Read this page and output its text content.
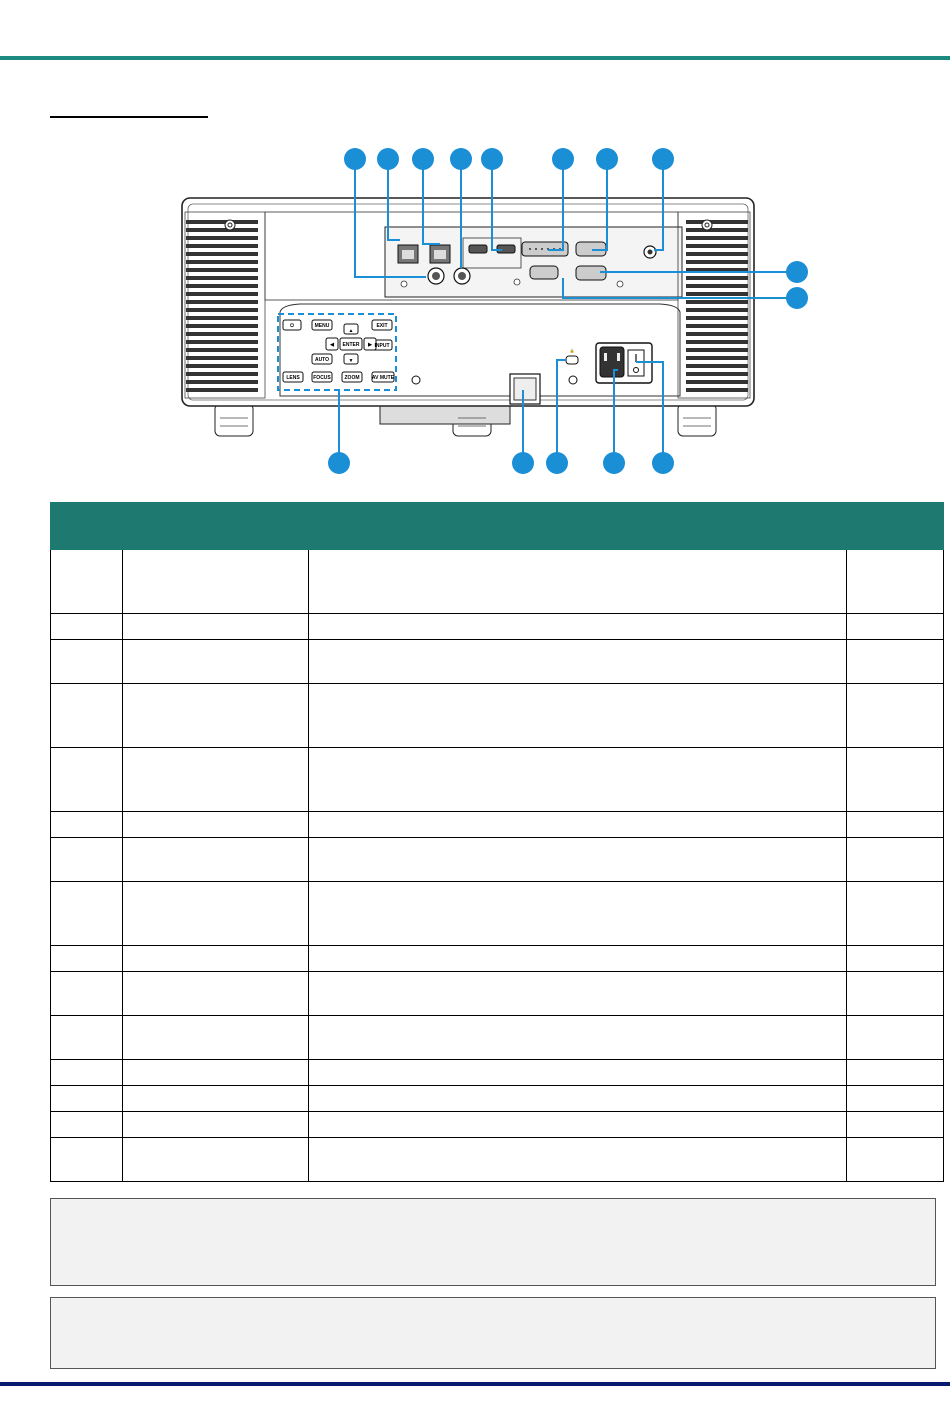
⏻	MENU	EXIT
AUTO
INPUT
LENS	FOCUS	ZOOM AV MUTE
ENTER
▲
▼
◀	▶
🔒
